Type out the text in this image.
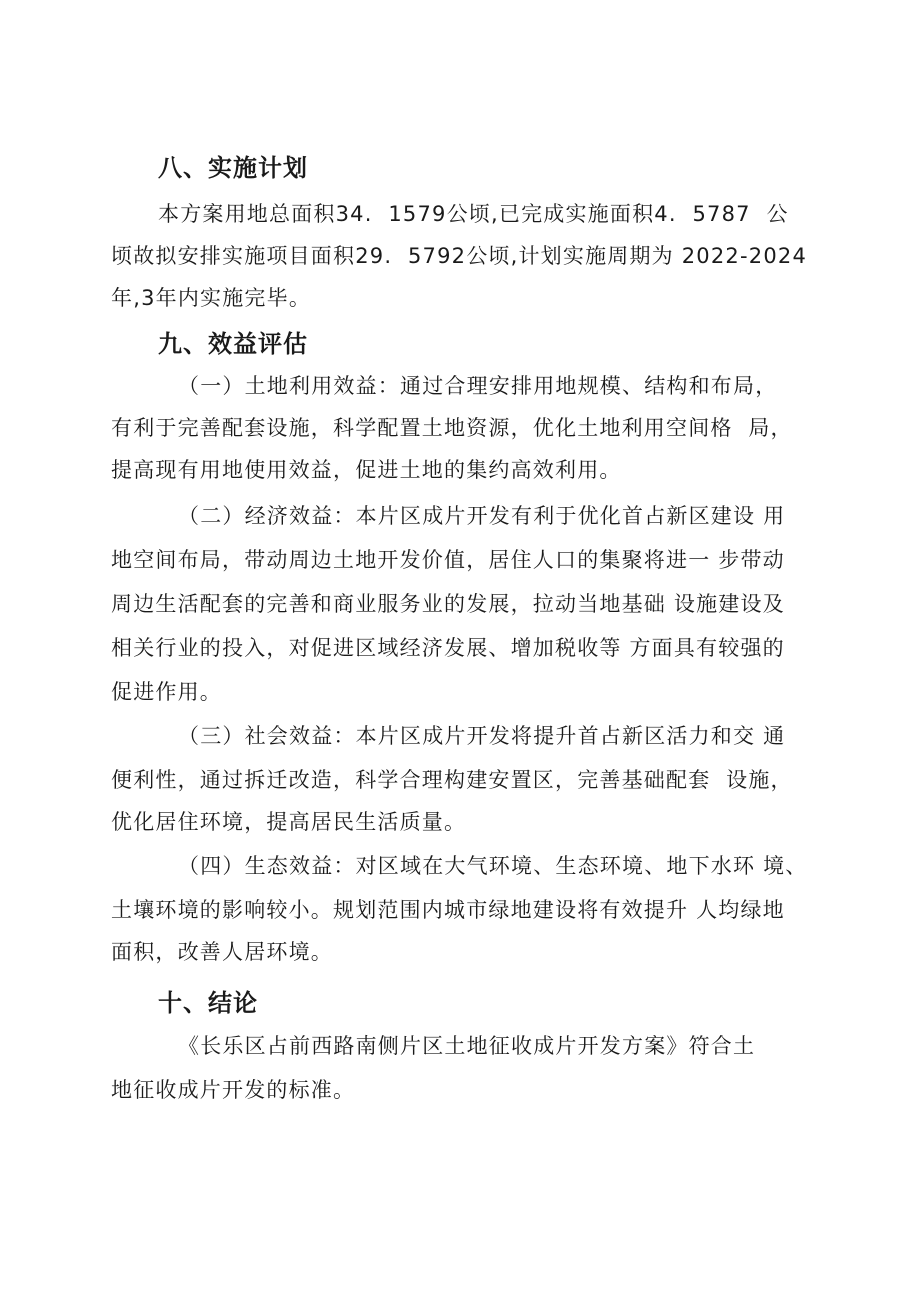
八、实施计划
本方案用地总面积34.  1579公顷,已完成实施面积4.  5787  公
顷故拟安排实施项目面积29.  5792公顷,计划实施周期为 2022-2024
年,3年内实施完毕。
九、效益评估
（一）土地利用效益：通过合理安排用地规模、结构和布局，
有利于完善配套设施，科学配置土地资源，优化土地利用空间格  局，
提高现有用地使用效益，促进土地的集约高效利用。
（二）经济效益：本片区成片开发有利于优化首占新区建设 用
地空间布局，带动周边土地开发价值，居住人口的集聚将进一 步带动
周边生活配套的完善和商业服务业的发展，拉动当地基础 设施建设及
相关行业的投入，对促进区域经济发展、增加税收等 方面具有较强的
促进作用。
（三）社会效益：本片区成片开发将提升首占新区活力和交 通
便利性，通过拆迁改造，科学合理构建安置区，完善基础配套  设施，
优化居住环境，提高居民生活质量。
（四）生态效益：对区域在大气环境、生态环境、地下水环 境、
土壤环境的影响较小。规划范围内城市绿地建设将有效提升 人均绿地
面积，改善人居环境。
十、结论
《长乐区占前西路南侧片区土地征收成片开发方案》符合土
地征收成片开发的标准。
